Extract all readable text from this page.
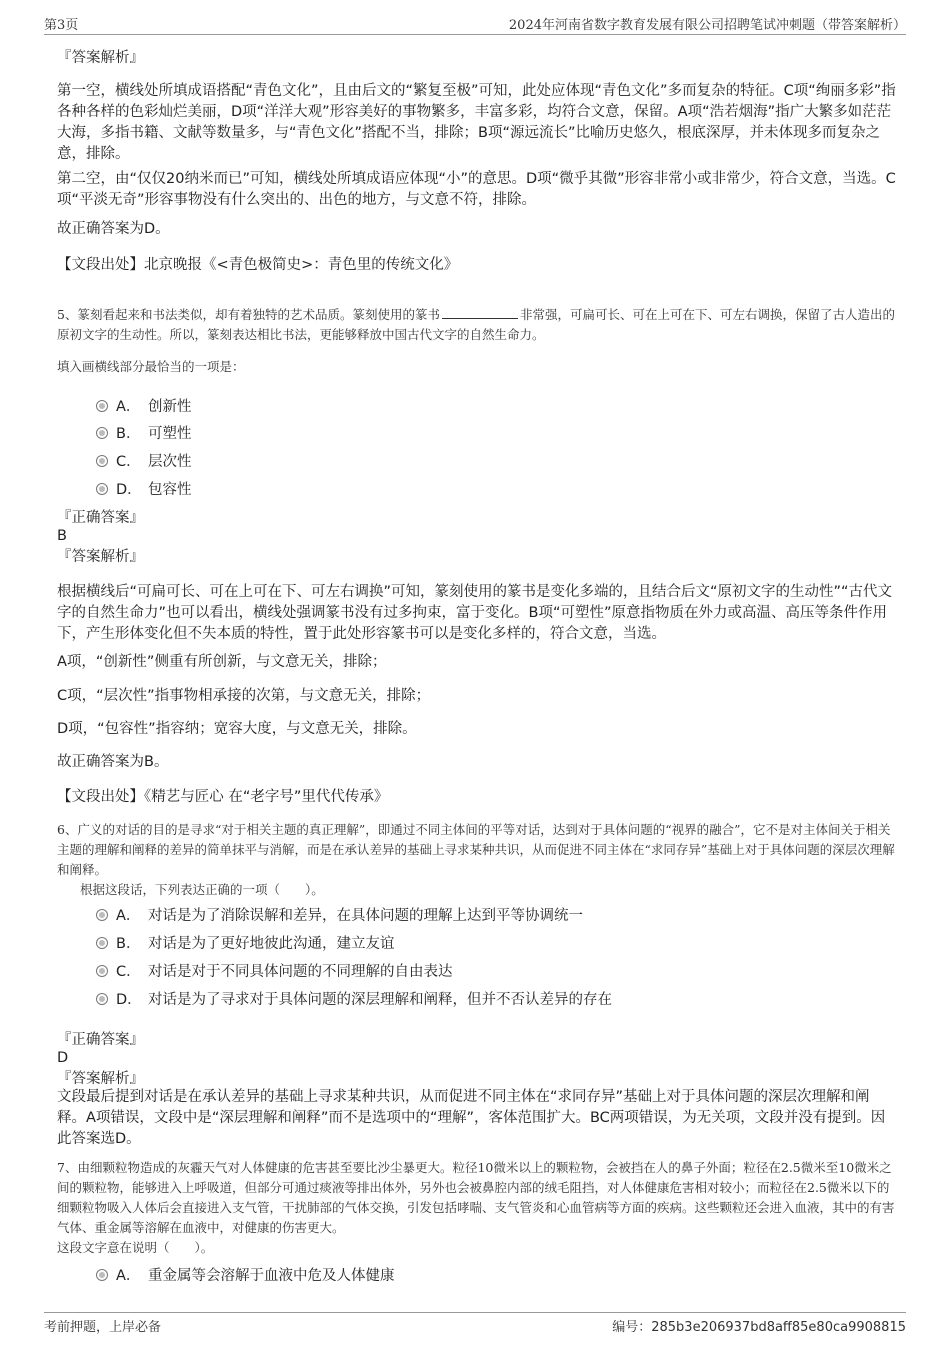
第3页	2024年河南省数字教育发展有限公司招聘笔试冲刺题（带答案解析）
『答案解析』

第一空，横线处所填成语搭配“青色文化”，且由后文的“繁复至极”可知，此处应体现“青色文化”多而复杂的特征。C项“绚丽多彩”指各种各样的色彩灿烂美丽，D项“洋洋大观”形容美好的事物繁多，丰富多彩，均符合文意，保留。A项“浩若烟海”指广大繁多如茫茫大海，多指书籍、文献等数量多，与“青色文化”搭配不当，排除；B项“源远流长”比喻历史悠久，根底深厚，并未体现多而复杂之意，排除。

第二空，由“仅仅20纳米而已”可知，横线处所填成语应体现“小”的意思。D项“微乎其微”形容非常小或非常少，符合文意，当选。C项“平淡无奇”形容事物没有什么突出的、出色的地方，与文意不符，排除。

故正确答案为D。
【文段出处】北京晚报《<青色极简史>：青色里的传统文化》

5、篆刻看起来和书法类似，却有着独特的艺术品质。篆刻使用的篆书	非常强，可扁可长、可在上可在下、可左右调换，保留了古人造出的原初文字的生动性。所以，篆刻表达相比书法，更能够释放中国古代文字的自然生命力。

填入画横线部分最恰当的一项是：
A． 创新性
B． 可塑性
C． 层次性
D． 包容性
『正确答案』
B
『答案解析』

根据横线后“可扁可长、可在上可在下、可左右调换”可知，篆刻使用的篆书是变化多端的，且结合后文“原初文字的生动性”“古代文字的自然生命力”也可以看出，横线处强调篆书没有过多拘束，富于变化。B项“可塑性”原意指物质在外力或高温、高压等条件作用下，产生形体变化但不失本质的特性，置于此处形容篆书可以是变化多样的，符合文意，当选。

A项，“创新性”侧重有所创新，与文意无关，排除；
C项，“层次性”指事物相承接的次第，与文意无关，排除；
D项，“包容性”指容纳；宽容大度，与文意无关，排除。
故正确答案为B。
【文段出处】《精艺与匠心 在“老字号”里代代传承》

6、广义的对话的目的是寻求“对于相关主题的真正理解”，即通过不同主体间的平等对话，达到对于具体问题的“视界的融合”，它不是对主体间关于相关主题的理解和阐释的差异的简单抹平与消解，而是在承认差异的基础上寻求某种共识，从而促进不同主体在“求同存异”基础上对于具体问题的深层次理解和阐释。

根据这段话，下列表达正确的一项（　　）。
A． 对话是为了消除误解和差异，在具体问题的理解上达到平等协调统一
B． 对话是为了更好地彼此沟通，建立友谊
C． 对话是对于不同具体问题的不同理解的自由表达
D． 对话是为了寻求对于具体问题的深层理解和阐释，但并不否认差异的存在
『正确答案』
D
『答案解析』

文段最后提到对话是在承认差异的基础上寻求某种共识，从而促进不同主体在“求同存异”基础上对于具体问题的深层次理解和阐释。A项错误，文段中是“深层理解和阐释”而不是选项中的“理解”，客体范围扩大。BC两项错误，为无关项，文段并没有提到。因此答案选D。

7、由细颗粒物造成的灰霾天气对人体健康的危害甚至要比沙尘暴更大。粒径10微米以上的颗粒物，会被挡在人的鼻子外面；粒径在2.5微米至10微米之间的颗粒物，能够进入上呼吸道，但部分可通过痰液等排出体外，另外也会被鼻腔内部的绒毛阻挡，对人体健康危害相对较小；而粒径在2.5微米以下的细颗粒物吸入人体后会直接进入支气管，干扰肺部的气体交换，引发包括哮喘、支气管炎和心血管病等方面的疾病。这些颗粒还会进入血液，其中的有害气体、重金属等溶解在血液中，对健康的伤害更大。

这段文字意在说明（　　）。
A． 重金属等会溶解于血液中危及人体健康
考前押题，上岸必备	编号：285b3e206937bd8aff85e80ca9908815
